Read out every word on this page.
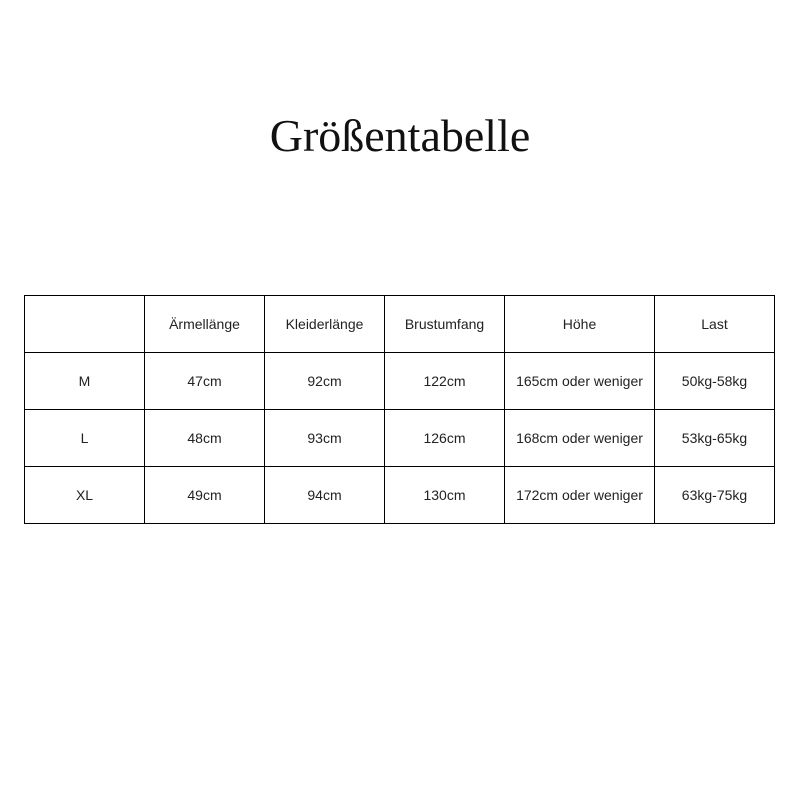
Größentabelle
	Ärmellänge	Kleiderlänge	Brustumfang	Höhe	Last
M	47cm	92cm	122cm	165cm oder weniger	50kg-58kg
L	48cm	93cm	126cm	168cm oder weniger	53kg-65kg
XL	49cm	94cm	130cm	172cm oder weniger	63kg-75kg
